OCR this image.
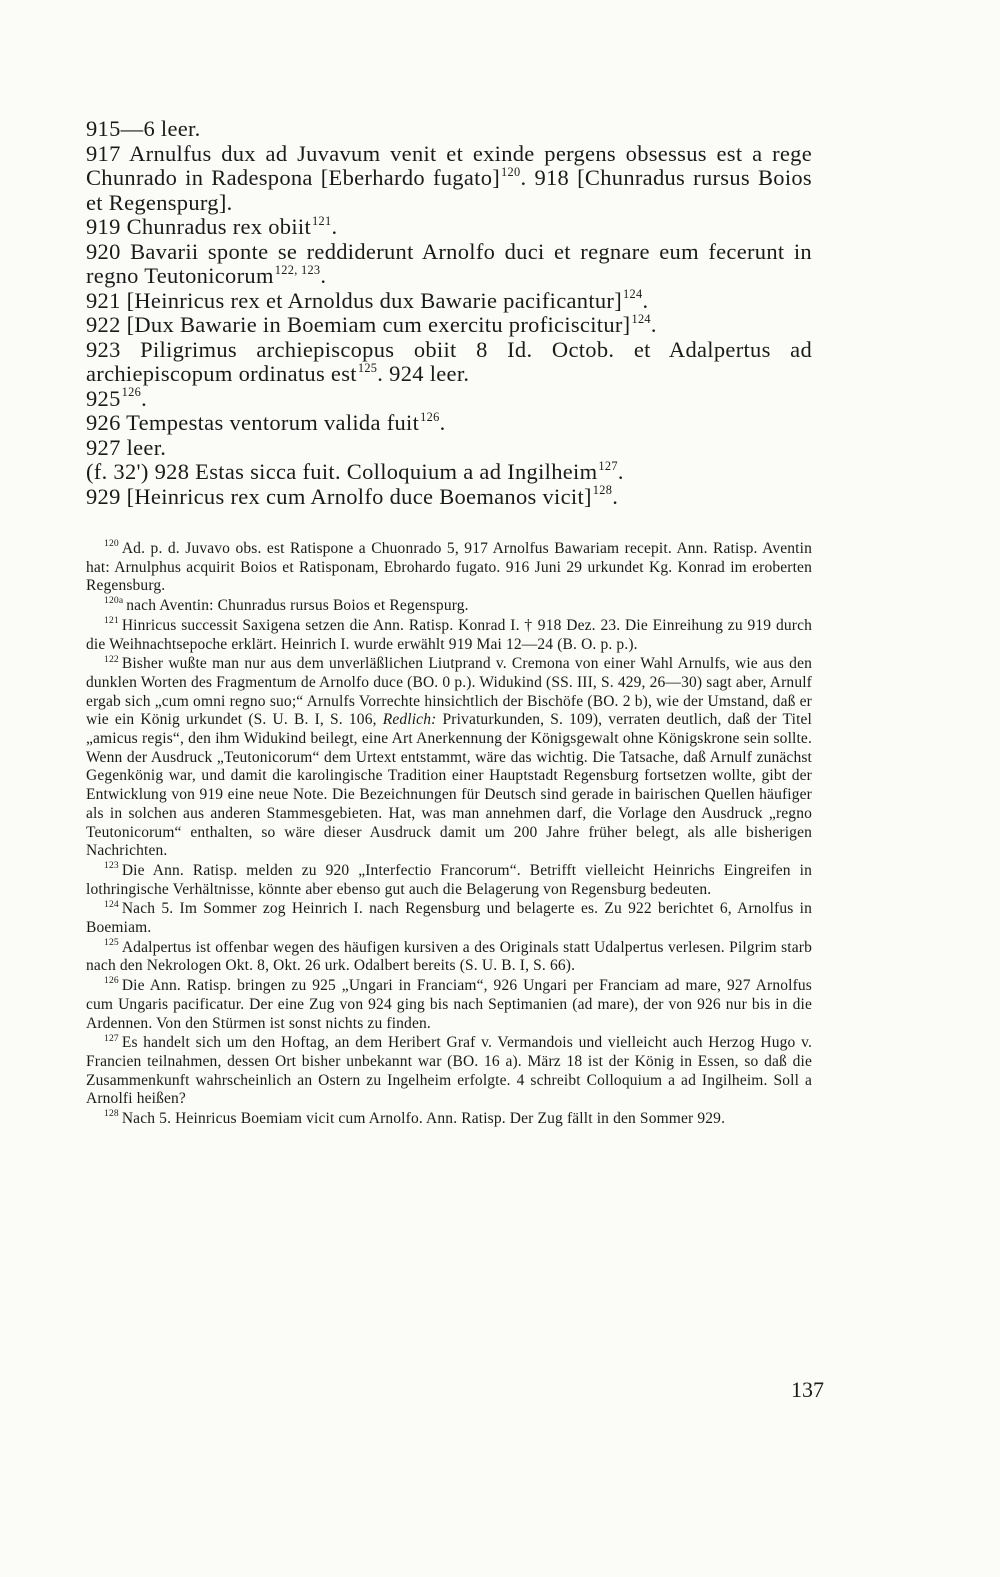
915—6 leer.

917 Arnulfus dux ad Juvavum venit et exinde pergens obsessus est a rege Chunrado in Radespona [Eberhardo fugato]$^{120}$. 918 [Chunradus rursus Boios et Regenspurg].

919 Chunradus rex obiit$^{121}$.

920 Bavarii sponte se reddiderunt Arnolfo duci et regnare eum fecerunt in regno Teutonicorum$^{122, 123}$.

921 [Heinricus rex et Arnoldus dux Bawarie pacificantur]$^{124}$.

922 [Dux Bawarie in Boemiam cum exercitu proficiscitur]$^{124}$.

923 Piligrimus archiepiscopus obiit 8 Id. Octob. et Adalpertus ad archiepiscopum ordinatus est$^{125}$. 924 leer.

$925^{126}$.

926 Tempestas ventorum valida fuit$^{126}$.

927 leer.

(f. 32') 928 Estas sicca fuit. Colloquium a ad Ingilheim$^{127}$.

929 [Heinricus rex cum Arnolfo duce Boemanos vicit]$^{128}$.

$^{120}$ Ad. p. d. Juvavo obs. est Ratispone a Chuonrado 5, 917 Arnolfus Bawariam recepit. Ann. Ratisp. Aventin hat: Arnulphus acquirit Boios et Ratisponam, Ebrohardo fugato. 916 Juni 29 urkundet Kg. Konrad im eroberten Regensburg.

$^{120a}$ nach Aventin: Chunradus rursus Boios et Regenspurg.

$^{121}$ Hinricus successit Saxigena setzen die Ann. Ratisp. Konrad I. † 918 Dez. 23. Die Einreihung zu 919 durch die Weihnachtsepoche erklärt. Heinrich I. wurde erwählt 919 Mai 12—24 (B. O. p. p.).

$^{122}$ Bisher wußte man nur aus dem unverläßlichen Liutprand v. Cremona von einer Wahl Arnulfs, wie aus den dunklen Worten des Fragmentum de Arnolfo duce (BO. 0 p.). Widukind (SS. III, S. 429, 26—30) sagt aber, Arnulf ergab sich „cum omni regno suo;“ Arnulfs Vorrechte hinsichtlich der Bischöfe (BO. 2 b), wie der Umstand, daß er wie ein König urkundet (S. U. B. I, S. 106, Redlich: Privaturkunden, S. 109), verraten deutlich, daß der Titel „amicus regis“, den ihm Widukind beilegt, eine Art Anerkennung der Königsgewalt ohne Königskrone sein sollte. Wenn der Ausdruck „Teutonicorum“ dem Urtext entstammt, wäre das wichtig. Die Tatsache, daß Arnulf zunächst Gegenkönig war, und damit die karolingische Tradition einer Hauptstadt Regensburg fortsetzen wollte, gibt der Entwicklung von 919 eine neue Note. Die Bezeichnungen für Deutsch sind gerade in bairischen Quellen häufiger als in solchen aus anderen Stammesgebieten. Hat, was man annehmen darf, die Vorlage den Ausdruck „regno Teutonicorum“ enthalten, so wäre dieser Ausdruck damit um 200 Jahre früher belegt, als alle bisherigen Nachrichten.

$^{123}$ Die Ann. Ratisp. melden zu 920 „Interfectio Francorum“. Betrifft vielleicht Heinrichs Eingreifen in lothringische Verhältnisse, könnte aber ebenso gut auch die Belagerung von Regensburg bedeuten.

$^{124}$ Nach 5. Im Sommer zog Heinrich I. nach Regensburg und belagerte es. Zu 922 berichtet 6, Arnolfus in Boemiam.

$^{125}$ Adalpertus ist offenbar wegen des häufigen kursiven a des Originals statt Udalpertus verlesen. Pilgrim starb nach den Nekrologen Okt. 8, Okt. 26 urk. Odalbert bereits (S. U. B. I, S. 66).

$^{126}$ Die Ann. Ratisp. bringen zu 925 „Ungari in Franciam“, 926 Ungari per Franciam ad mare, 927 Arnolfus cum Ungaris pacificatur. Der eine Zug von 924 ging bis nach Septimanien (ad mare), der von 926 nur bis in die Ardennen. Von den Stürmen ist sonst nichts zu finden.

$^{127}$ Es handelt sich um den Hoftag, an dem Heribert Graf v. Vermandois und vielleicht auch Herzog Hugo v. Francien teilnahmen, dessen Ort bisher unbekannt war (BO. 16 a). März 18 ist der König in Essen, so daß die Zusammenkunft wahrscheinlich an Ostern zu Ingelheim erfolgte. 4 schreibt Colloquium a ad Ingilheim. Soll a Arnolfi heißen?

$^{128}$ Nach 5. Heinricus Boemiam vicit cum Arnolfo. Ann. Ratisp. Der Zug fällt in den Sommer 929.

137
